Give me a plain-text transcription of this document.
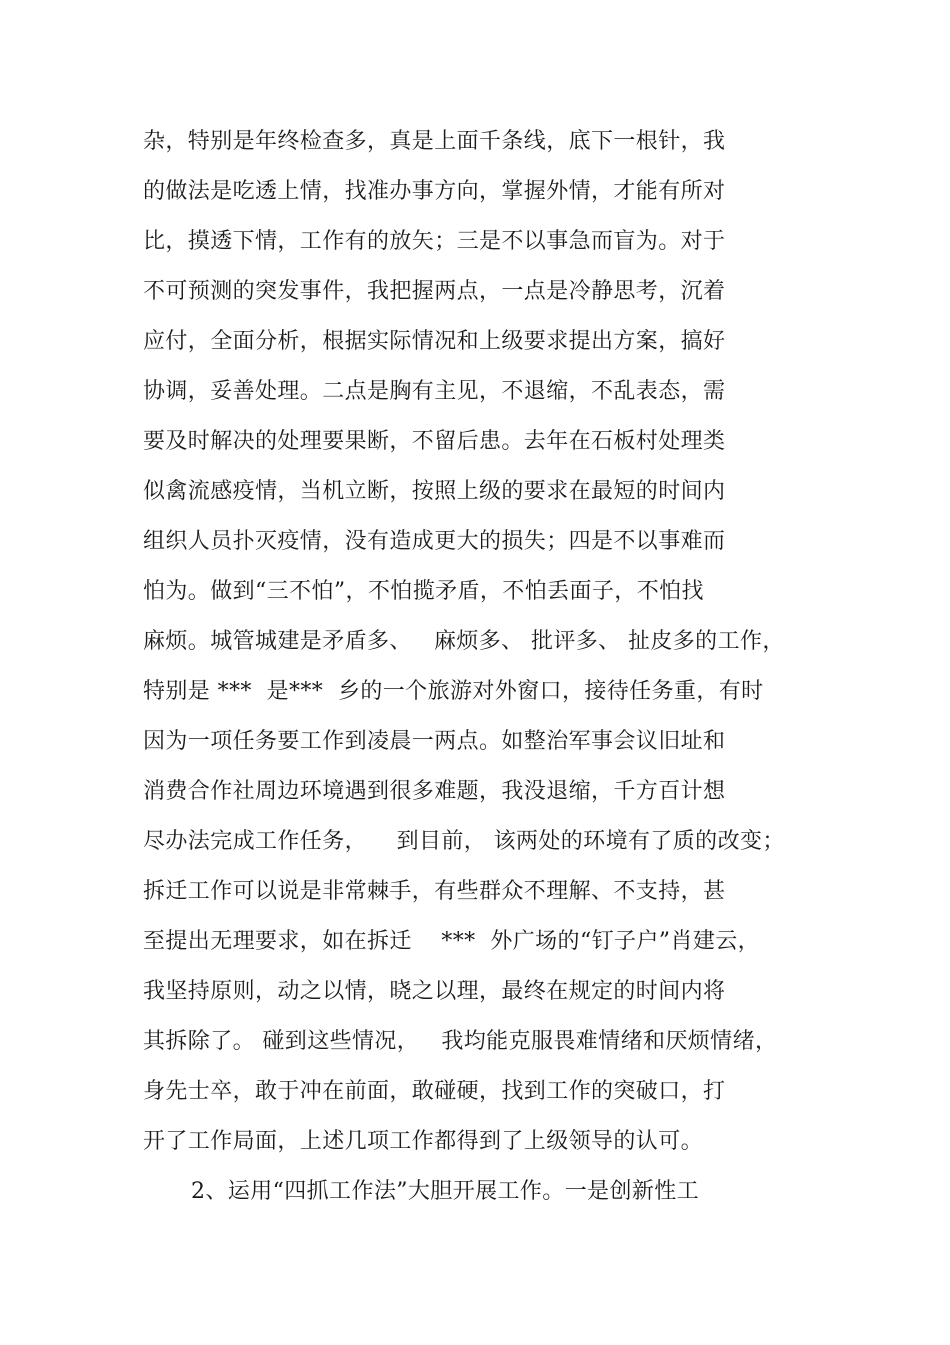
杂，特别是年终检查多，真是上面千条线，底下一根针，我
的做法是吃透上情，找准办事方向，掌握外情，才能有所对
比，摸透下情，工作有的放矢；三是不以事急而盲为。对于
不可预测的突发事件，我把握两点，一点是冷静思考，沉着
应付，全面分析，根据实际情况和上级要求提出方案，搞好
协调，妥善处理。二点是胸有主见，不退缩，不乱表态，需
要及时解决的处理要果断，不留后患。去年在石板村处理类
似禽流感疫情，当机立断，按照上级的要求在最短的时间内
组织人员扑灭疫情，没有造成更大的损失；四是不以事难而
怕为。做到“三不怕”，不怕揽矛盾，不怕丢面子，不怕找
麻烦。城管城建是矛盾多、   麻烦多、 批评多、 扯皮多的工作，
特别是 ***  是***  乡的一个旅游对外窗口，接待任务重，有时
因为一项任务要工作到凌晨一两点。如整治军事会议旧址和
消费合作社周边环境遇到很多难题，我没退缩，千方百计想
尽办法完成工作任务，    到目前， 该两处的环境有了质的改变；
拆迁工作可以说是非常棘手，有些群众不理解、不支持，甚
至提出无理要求，如在拆迁    ***  外广场的“钉子户”肖建云，
我坚持原则，动之以情，晓之以理，最终在规定的时间内将
其拆除了。 碰到这些情况，   我均能克服畏难情绪和厌烦情绪，
身先士卒，敢于冲在前面，敢碰硬，找到工作的突破口，打
开了工作局面，上述几项工作都得到了上级领导的认可。
2、运用“四抓工作法”大胆开展工作。一是创新性工
